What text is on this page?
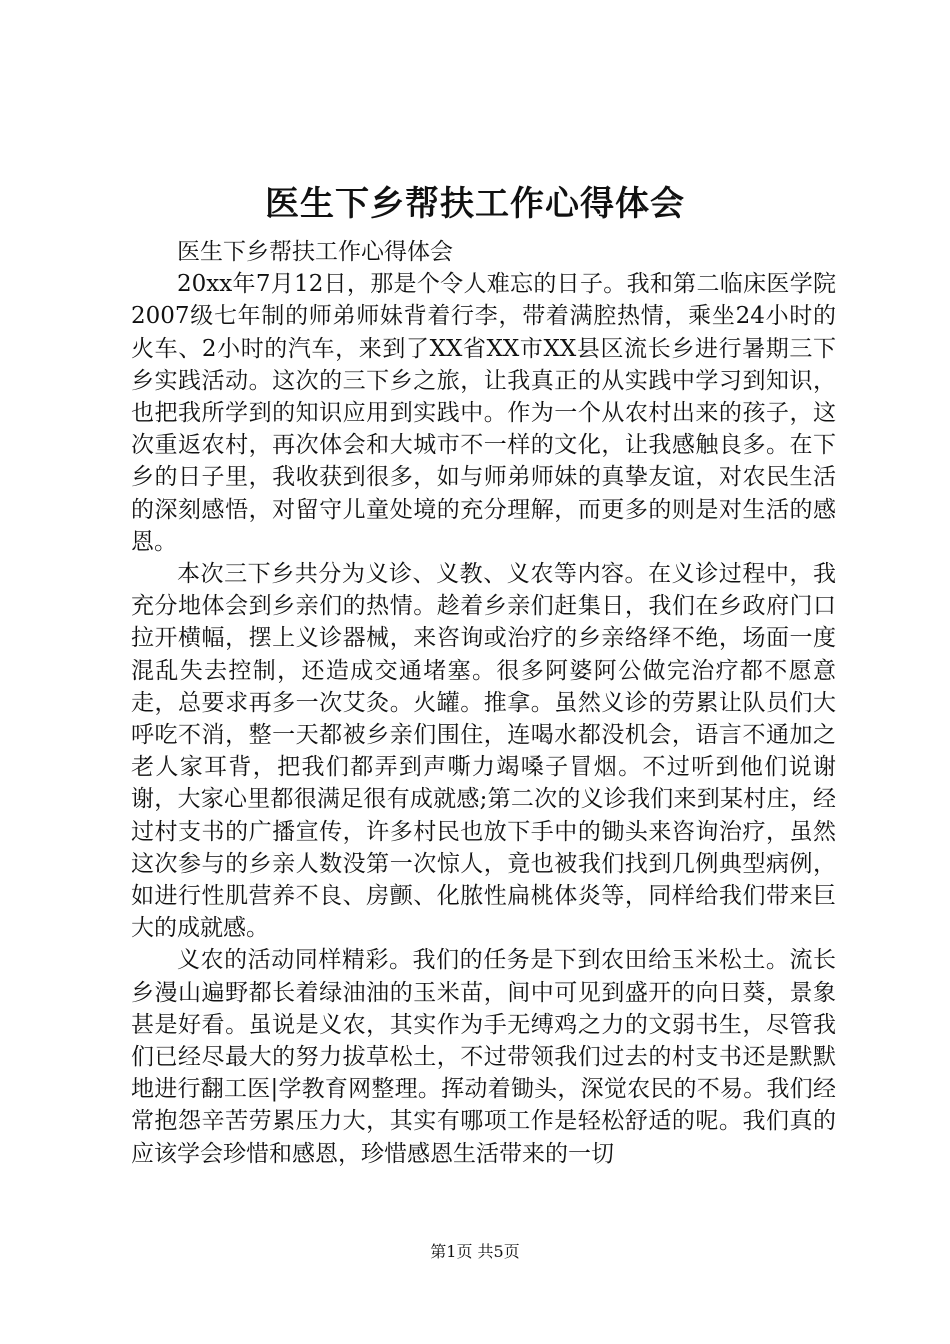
医生下乡帮扶工作心得体会

医生下乡帮扶工作心得体会

20xx年7月12日，那是个令人难忘的日子。我和第二临床医学院2007级七年制的师弟师妹背着行李，带着满腔热情，乘坐24小时的火车、2小时的汽车，来到了XX省XX市XX县区流长乡进行暑期三下乡实践活动。这次的三下乡之旅，让我真正的从实践中学习到知识，也把我所学到的知识应用到实践中。作为一个从农村出来的孩子，这次重返农村，再次体会和大城市不一样的文化，让我感触良多。在下乡的日子里，我收获到很多，如与师弟师妹的真挚友谊，对农民生活的深刻感悟，对留守儿童处境的充分理解，而更多的则是对生活的感恩。

本次三下乡共分为义诊、义教、义农等内容。在义诊过程中，我充分地体会到乡亲们的热情。趁着乡亲们赶集日，我们在乡政府门口拉开横幅，摆上义诊器械，来咨询或治疗的乡亲络绎不绝，场面一度混乱失去控制，还造成交通堵塞。很多阿婆阿公做完治疗都不愿意走，总要求再多一次艾灸。火罐。推拿。虽然义诊的劳累让队员们大呼吃不消，整一天都被乡亲们围住，连喝水都没机会，语言不通加之老人家耳背，把我们都弄到声嘶力竭嗓子冒烟。不过听到他们说谢谢，大家心里都很满足很有成就感;第二次的义诊我们来到某村庄，经过村支书的广播宣传，许多村民也放下手中的锄头来咨询治疗，虽然这次参与的乡亲人数没第一次惊人，竟也被我们找到几例典型病例，如进行性肌营养不良、房颤、化脓性扁桃体炎等，同样给我们带来巨大的成就感。

义农的活动同样精彩。我们的任务是下到农田给玉米松土。流长乡漫山遍野都长着绿油油的玉米苗，间中可见到盛开的向日葵，景象甚是好看。虽说是义农，其实作为手无缚鸡之力的文弱书生，尽管我们已经尽最大的努力拔草松土，不过带领我们过去的村支书还是默默地进行翻工医|学教育网整理。挥动着锄头，深觉农民的不易。我们经常抱怨辛苦劳累压力大，其实有哪项工作是轻松舒适的呢。我们真的应该学会珍惜和感恩，珍惜感恩生活带来的一切

第1页 共5页
